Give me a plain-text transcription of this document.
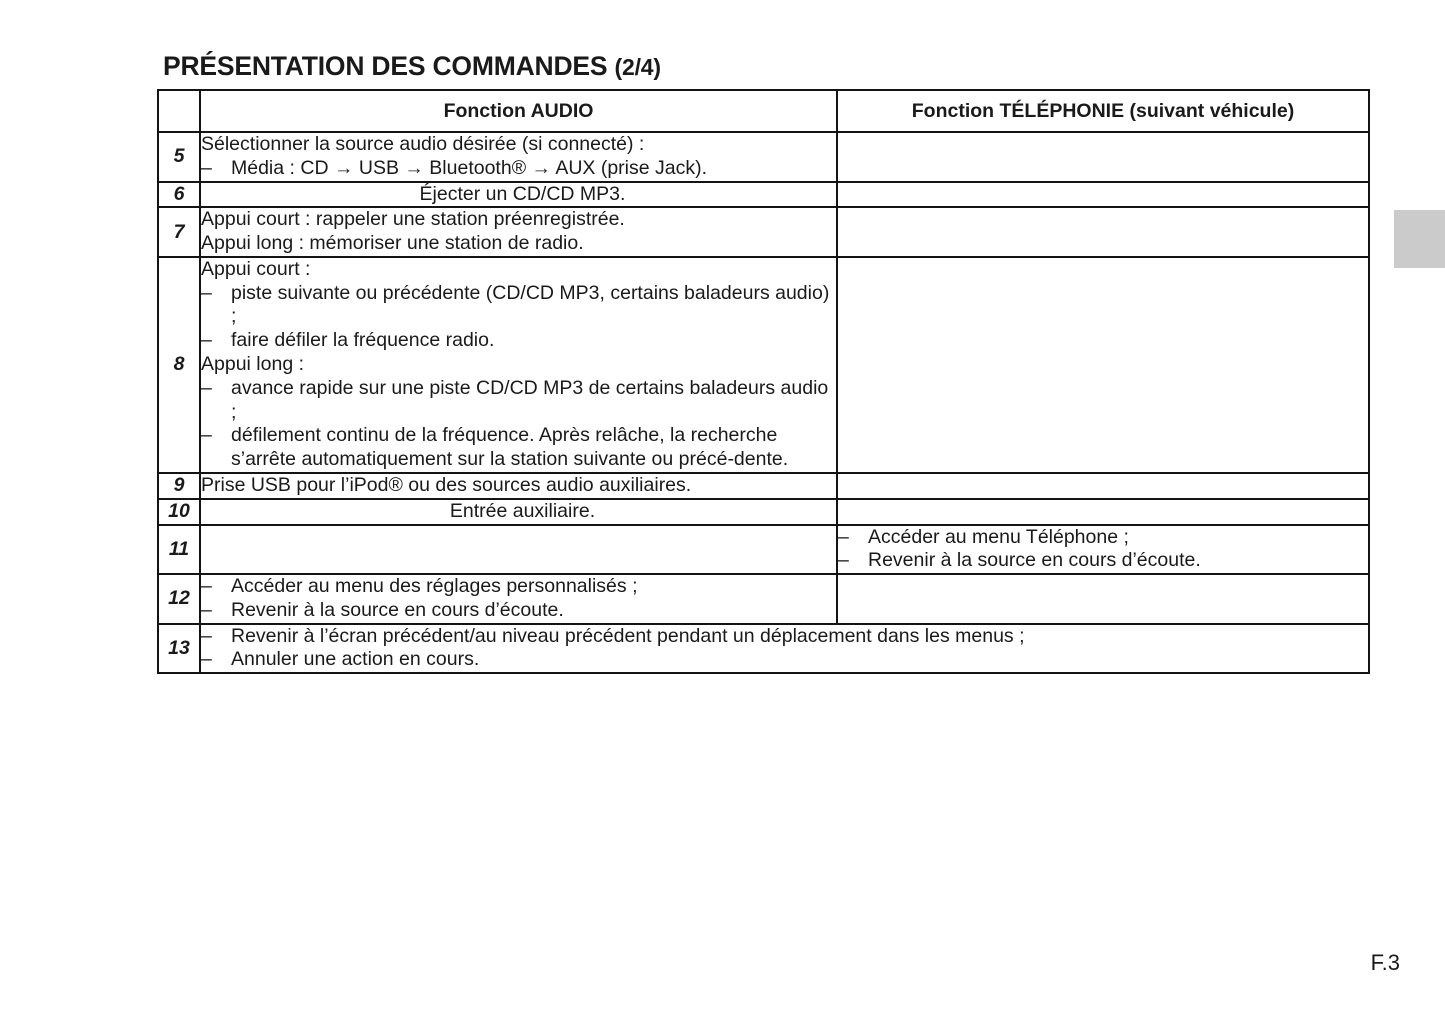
PRÉSENTATION DES COMMANDES (2/4)
	Fonction AUDIO	Fonction TÉLÉPHONIE (suivant véhicule)
5	Sélectionner la source audio désirée (si connecté) :
– Média : CD → USB → Bluetooth® → AUX (prise Jack).	

6	Éjecter un CD/CD MP3.	
7	Appui court : rappeler une station préenregistrée.
Appui long : mémoriser une station de radio.	

8	
Appui court :
– piste suivante ou précédente (CD/CD MP3, certains baladeurs audio) ;
– faire défiler la fréquence radio.
Appui long :
– avance rapide sur une piste CD/CD MP3 de certains baladeurs audio ;
– défilement continu de la fréquence. Après relâche, la recherche s’arrête automatiquement sur la station suivante ou précé-dente.

9	Prise USB pour l’iPod® ou des sources audio auxiliaires.	
10	Entrée auxiliaire.	
11		– Accéder au menu Téléphone ;
– Revenir à la source en cours d’écoute.

12	– Accéder au menu des réglages personnalisés ;
– Revenir à la source en cours d’écoute.	

13	– Revenir à l’écran précédent/au niveau précédent pendant un déplacement dans les menus ;
– Annuler une action en cours.	
F.3
